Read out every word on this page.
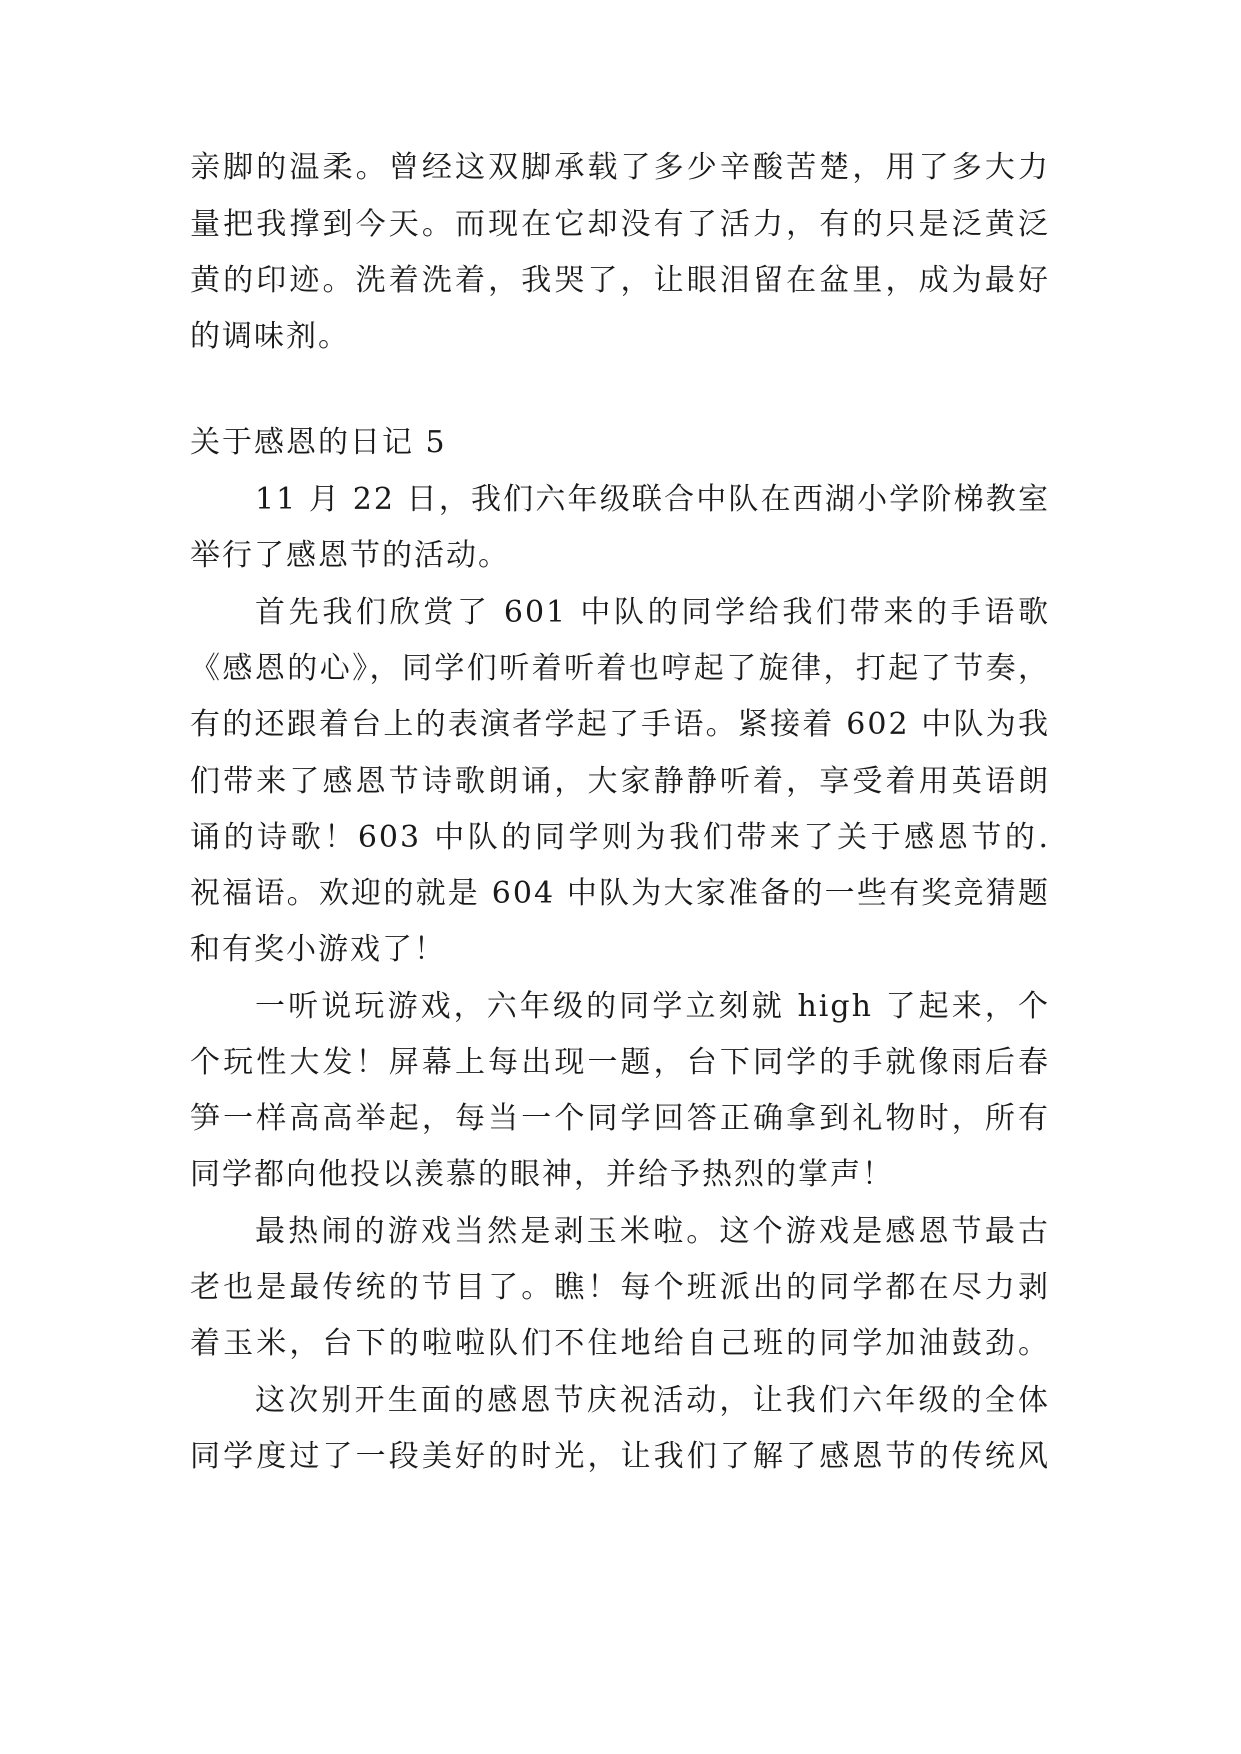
亲脚的温柔。曾经这双脚承载了多少辛酸苦楚，用了多大力
量把我撑到今天。而现在它却没有了活力，有的只是泛黄泛
黄的印迹。洗着洗着，我哭了，让眼泪留在盆里，成为最好
的调味剂。
关于感恩的日记 5
11 月 22 日，我们六年级联合中队在西湖小学阶梯教室
举行了感恩节的活动。
首先我们欣赏了 601 中队的同学给我们带来的手语歌
《感恩的心》，同学们听着听着也哼起了旋律，打起了节奏，
有的还跟着台上的表演者学起了手语。紧接着 602 中队为我
们带来了感恩节诗歌朗诵，大家静静听着，享受着用英语朗
诵的诗歌！603 中队的同学则为我们带来了关于感恩节的.
祝福语。欢迎的就是 604 中队为大家准备的一些有奖竞猜题
和有奖小游戏了！
一听说玩游戏，六年级的同学立刻就 high 了起来，个
个玩性大发！屏幕上每出现一题，台下同学的手就像雨后春
笋一样高高举起，每当一个同学回答正确拿到礼物时，所有
同学都向他投以羡慕的眼神，并给予热烈的掌声！
最热闹的游戏当然是剥玉米啦。这个游戏是感恩节最古
老也是最传统的节目了。瞧！每个班派出的同学都在尽力剥
着玉米，台下的啦啦队们不住地给自己班的同学加油鼓劲。
这次别开生面的感恩节庆祝活动，让我们六年级的全体
同学度过了一段美好的时光，让我们了解了感恩节的传统风
